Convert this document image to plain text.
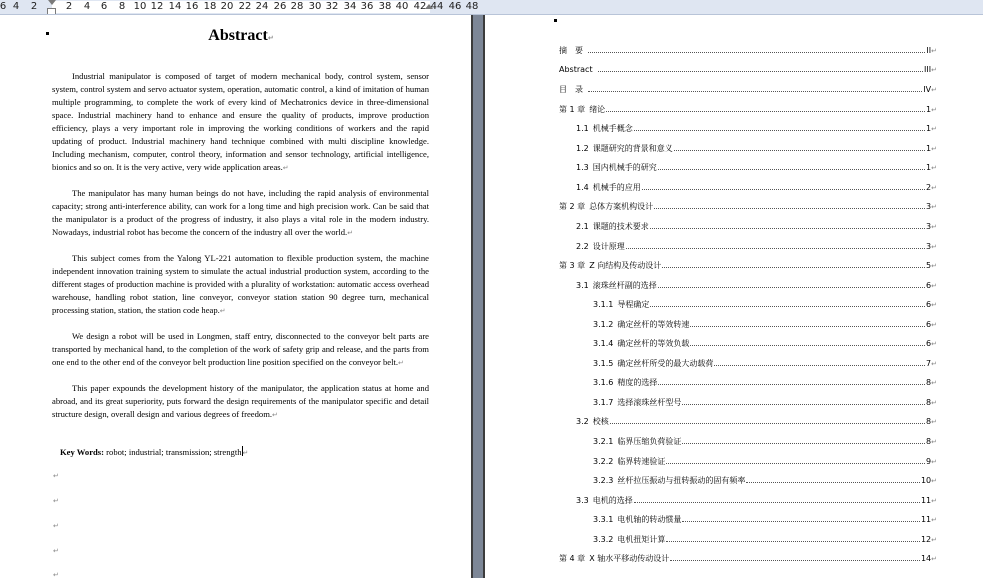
6 4 2	2 4 6 8 10 12 14 16 18 20 22 24 26 28 30 32 34 36 38 40 42 44 46 48
Abstract↵

Industrial manipulator is composed of target of modern mechanical body, control system, sensor system, control system and servo actuator system, operation, automatic control, a kind of imitation of human multiple programming, to complete the work of every kind of Mechatronics device in three-dimensional space. Industrial machinery hand to enhance and ensure the quality of products, improve production efficiency, plays a very important role in improving the working conditions of workers and the rapid updating of product. Industrial machinery hand technique combined with multi discipline knowledge. Including mechanism, computer, control theory, information and sensor technology, artificial intelligence, bionics and so on. It is the very active, very wide application areas.↵

The manipulator has many human beings do not have, including the rapid analysis of environmental capacity; strong anti-interference ability, can work for a long time and high precision work. Can be said that the manipulator is a product of the progress of industry, it also plays a vital role in the modern industry. Nowadays, industrial robot has become the concern of the industry all over the world.↵

This subject comes from the Yalong YL-221 automation to flexible production system, the machine independent innovation training system to simulate the actual industrial production system, according to the different stages of production machine is provided with a plurality of workstation: automatic access overhead warehouse, handling robot station, line conveyor, conveyor station station 90 degree turn, mechanical processing station, station, the station code heap.↵

We design a robot will be used in Longmen, staff entry, disconnected to the conveyor belt parts are transported by mechanical hand, to the completion of the work of safety grip and release, and the parts from one end to the other end of the conveyor belt production line position specified on the conveyor belt.↵

This paper expounds the development history of the manipulator, the application status at home and abroad, and its great superiority, puts forward the design requirements of the manipulator specific and detail structure design, overall design and various degrees of freedom.↵

Key Words: robot; industrial; transmission; strength↵
↵
↵
↵
↵
↵
摘　要	II ↵
Abstract	III ↵
目　录	IV ↵
第 1 章 绪论	1 ↵
1.1 机械手概念	1 ↵
1.2 课题研究的背景和意义	1 ↵
1.3 国内机械手的研究	1 ↵
1.4 机械手的应用	2 ↵
第 2 章 总体方案机构设计	3 ↵
2.1 课题的技术要求	3 ↵
2.2 设计原理	3 ↵
第 3 章 Z 向结构及传动设计	5 ↵
3.1 滚珠丝杆副的选择	6 ↵
3.1.1 导程确定	6 ↵
3.1.2 确定丝杆的等效转速	6 ↵
3.1.4 确定丝杆的等效负载	6 ↵
3.1.5 确定丝杆所受的最大动载荷	7 ↵
3.1.6 精度的选择	8 ↵
3.1.7 选择滚珠丝杆型号	8 ↵
3.2 校核	8 ↵
3.2.1 临界压缩负荷验证	8 ↵
3.2.2 临界转速验证	9 ↵
3.2.3 丝杆拉压振动与扭转振动的固有频率	10 ↵
3.3 电机的选择	11 ↵
3.3.1 电机轴的转动惯量	11 ↵
3.3.2 电机扭矩计算	12 ↵
第 4 章 X 轴水平移动传动设计	14 ↵
